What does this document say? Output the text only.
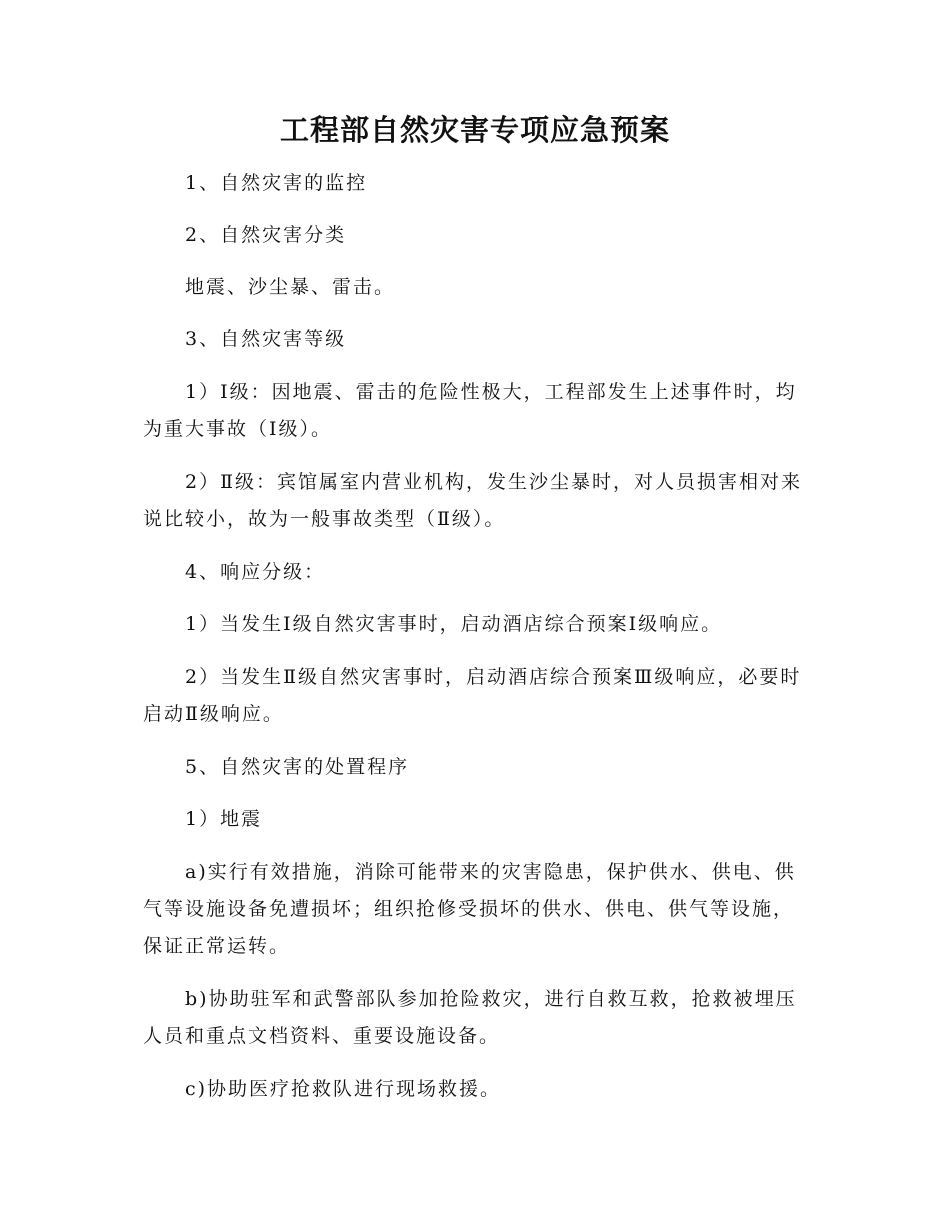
工程部自然灾害专项应急预案

1、自然灾害的监控

2、自然灾害分类

地震、沙尘暴、雷击。

3、自然灾害等级

1）Ⅰ级：因地震、雷击的危险性极大，工程部发生上述事件时，均为重大事故（Ⅰ级）。

2）Ⅱ级：宾馆属室内营业机构，发生沙尘暴时，对人员损害相对来说比较小，故为一般事故类型（Ⅱ级）。

4、响应分级：

1）当发生Ⅰ级自然灾害事时，启动酒店综合预案Ⅰ级响应。

2）当发生Ⅱ级自然灾害事时，启动酒店综合预案Ⅲ级响应，必要时启动Ⅱ级响应。

5、自然灾害的处置程序

1）地震

a)实行有效措施，消除可能带来的灾害隐患，保护供水、供电、供气等设施设备免遭损坏；组织抢修受损坏的供水、供电、供气等设施，保证正常运转。

b)协助驻军和武警部队参加抢险救灾，进行自救互救，抢救被埋压人员和重点文档资料、重要设施设备。

c)协助医疗抢救队进行现场救援。
